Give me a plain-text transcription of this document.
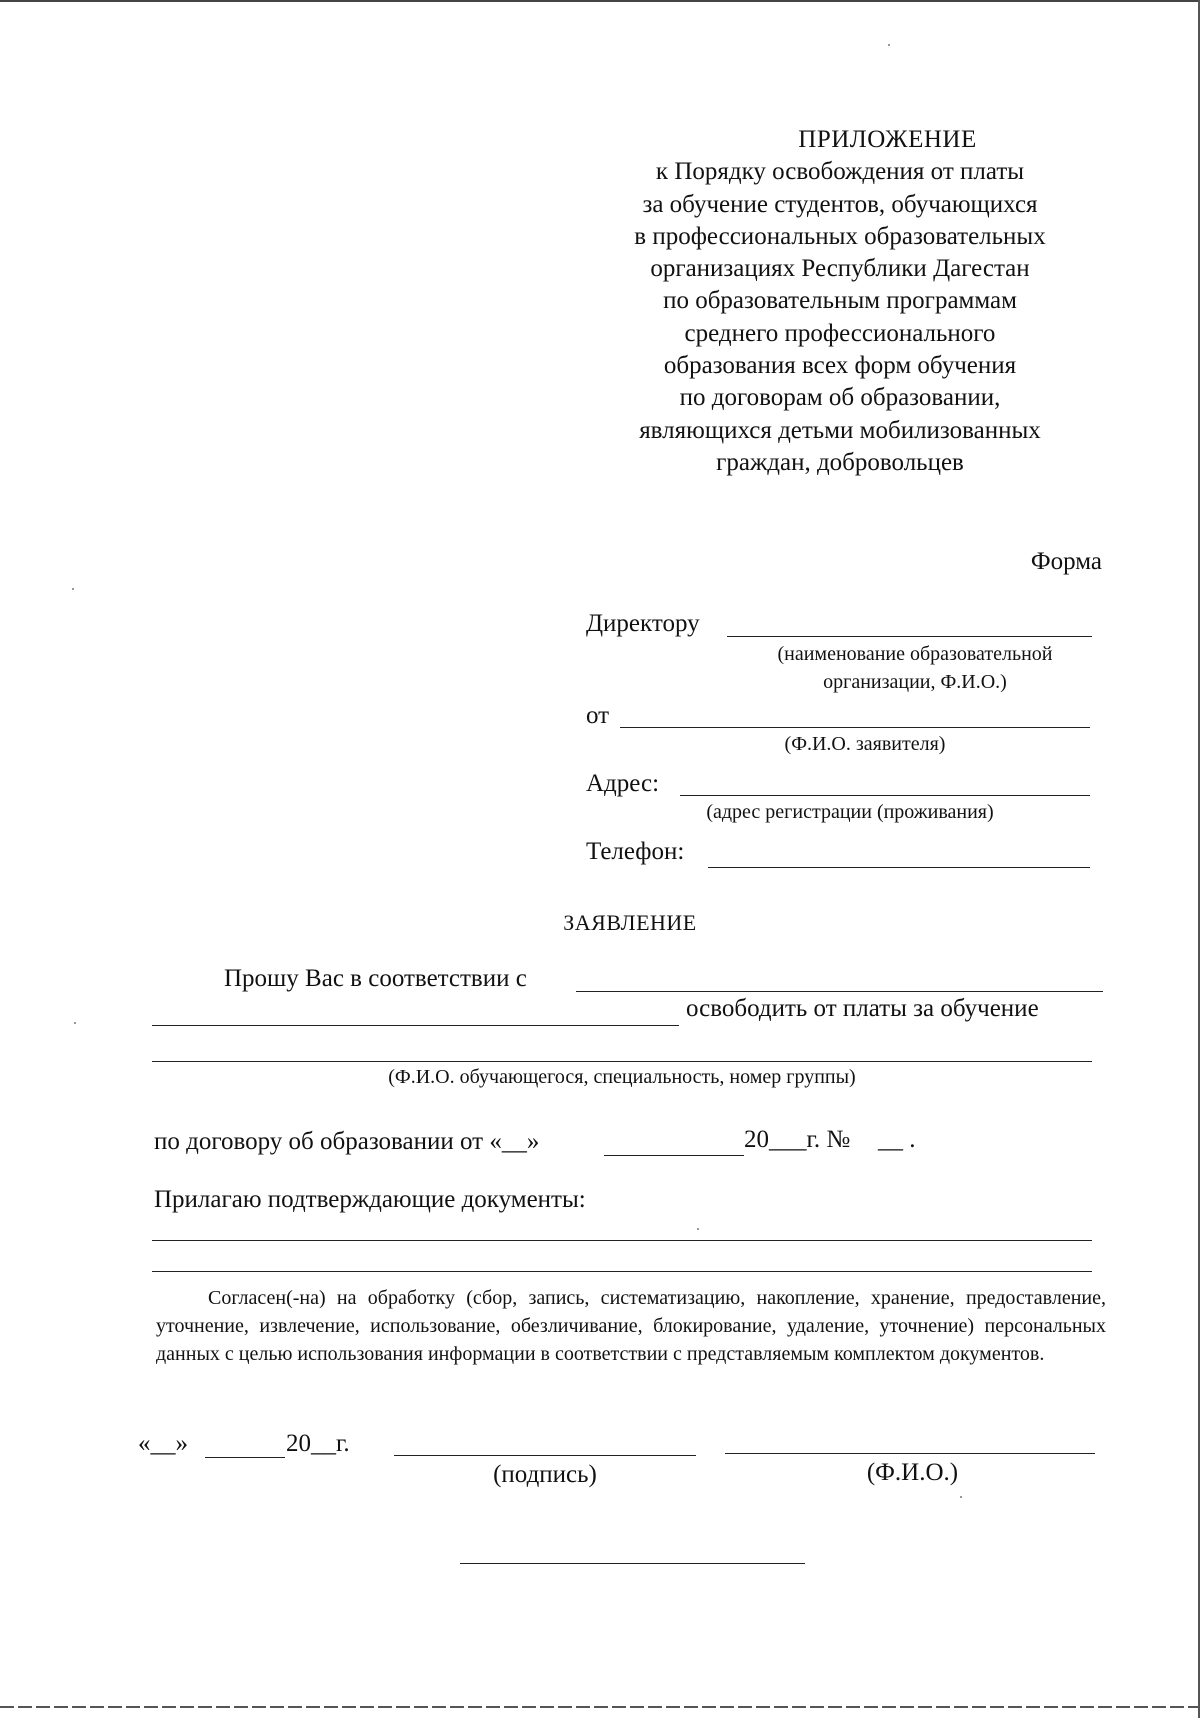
ПРИЛОЖЕНИЕ
к Порядку освобождения от платы
за обучение студентов, обучающихся
в профессиональных образовательных
организациях Республики Дагестан
по образовательным программам
среднего профессионального
образования всех форм обучения
по договорам об образовании,
являющихся детьми мобилизованных
граждан, добровольцев
Форма
Директору
(наименование образовательной
организации, Ф.И.О.)
от
(Ф.И.О. заявителя)
Адрес:
(адрес регистрации (проживания)
Телефон:
ЗАЯВЛЕНИЕ
Прошу Вас в соответствии с
освободить от платы за обучение
(Ф.И.О. обучающегося, специальность, номер группы)
по договору об образовании от «__»	20___г. № __ .
Прилагаю подтверждающие документы:
Согласен(-на) на обработку (сбор, запись, систематизацию, накопление, хранение, предоставление, уточнение, извлечение, использование, обезличивание, блокирование, удаление, уточнение) персональных данных с целью использования информации в соответствии с представляемым комплектом документов.
«__»	20__г.
(подпись)	(Ф.И.О.)
